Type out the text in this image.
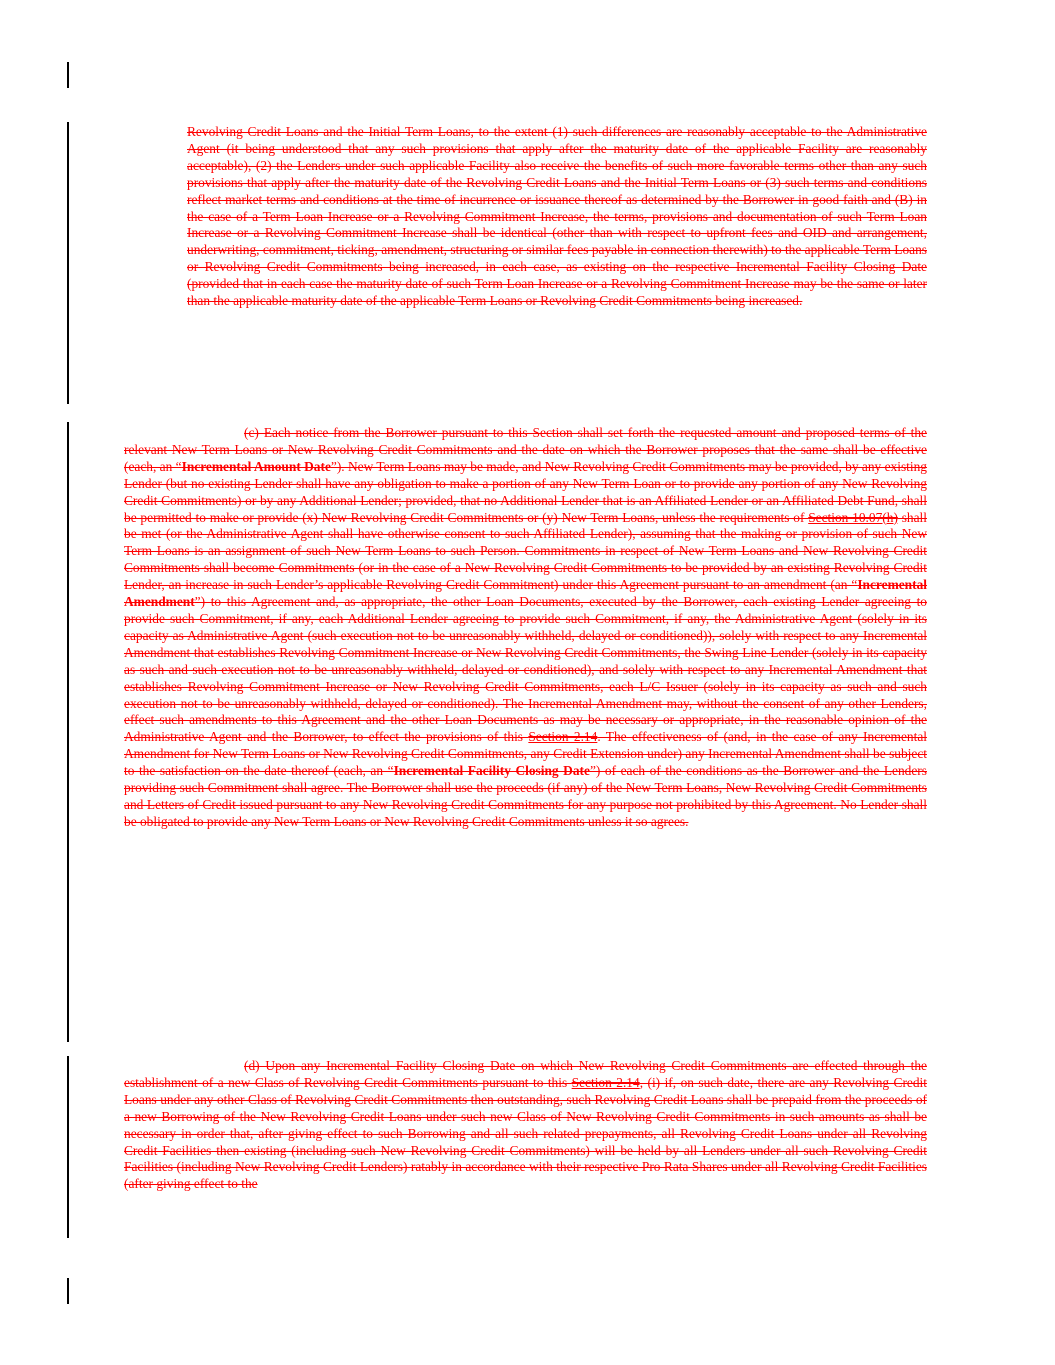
Revolving Credit Loans and the Initial Term Loans, to the extent (1) such differences are reasonably acceptable to the Administrative Agent (it being understood that any such provisions that apply after the maturity date of the applicable Facility are reasonably acceptable), (2) the Lenders under such applicable Facility also receive the benefits of such more favorable terms other than any such provisions that apply after the maturity date of the Revolving Credit Loans and the Initial Term Loans or (3) such terms and conditions reflect market terms and conditions at the time of incurrence or issuance thereof as determined by the Borrower in good faith and (B) in the case of a Term Loan Increase or a Revolving Commitment Increase, the terms, provisions and documentation of such Term Loan Increase or a Revolving Commitment Increase shall be identical (other than with respect to upfront fees and OID and arrangement, underwriting, commitment, ticking, amendment, structuring or similar fees payable in connection therewith) to the applicable Term Loans or Revolving Credit Commitments being increased, in each case, as existing on the respective Incremental Facility Closing Date (provided that in each case the maturity date of such Term Loan Increase or a Revolving Commitment Increase may be the same or later than the applicable maturity date of the applicable Term Loans or Revolving Credit Commitments being increased.

(c) Each notice from the Borrower pursuant to this Section shall set forth the requested amount and proposed terms of the relevant New Term Loans or New Revolving Credit Commitments and the date on which the Borrower proposes that the same shall be effective (each, an “Incremental Amount Date”). New Term Loans may be made, and New Revolving Credit Commitments may be provided, by any existing Lender (but no existing Lender shall have any obligation to make a portion of any New Term Loan or to provide any portion of any New Revolving Credit Commitments) or by any Additional Lender; provided, that no Additional Lender that is an Affiliated Lender or an Affiliated Debt Fund, shall be permitted to make or provide (x) New Revolving Credit Commitments or (y) New Term Loans, unless the requirements of Section 10.07(h) shall be met (or the Administrative Agent shall have otherwise consent to such Affiliated Lender), assuming that the making or provision of such New Term Loans is an assignment of such New Term Loans to such Person. Commitments in respect of New Term Loans and New Revolving Credit Commitments shall become Commitments (or in the case of a New Revolving Credit Commitments to be provided by an existing Revolving Credit Lender, an increase in such Lender’s applicable Revolving Credit Commitment) under this Agreement pursuant to an amendment (an “Incremental Amendment”) to this Agreement and, as appropriate, the other Loan Documents, executed by the Borrower, each existing Lender agreeing to provide such Commitment, if any, each Additional Lender agreeing to provide such Commitment, if any, the Administrative Agent (solely in its capacity as Administrative Agent (such execution not to be unreasonably withheld, delayed or conditioned)), solely with respect to any Incremental Amendment that establishes Revolving Commitment Increase or New Revolving Credit Commitments, the Swing Line Lender (solely in its capacity as such and such execution not to be unreasonably withheld, delayed or conditioned), and solely with respect to any Incremental Amendment that establishes Revolving Commitment Increase or New Revolving Credit Commitments, each L/C Issuer (solely in its capacity as such and such execution not to be unreasonably withheld, delayed or conditioned). The Incremental Amendment may, without the consent of any other Lenders, effect such amendments to this Agreement and the other Loan Documents as may be necessary or appropriate, in the reasonable opinion of the Administrative Agent and the Borrower, to effect the provisions of this Section 2.14. The effectiveness of (and, in the case of any Incremental Amendment for New Term Loans or New Revolving Credit Commitments, any Credit Extension under) any Incremental Amendment shall be subject to the satisfaction on the date thereof (each, an “Incremental Facility Closing Date”) of each of the conditions as the Borrower and the Lenders providing such Commitment shall agree. The Borrower shall use the proceeds (if any) of the New Term Loans, New Revolving Credit Commitments and Letters of Credit issued pursuant to any New Revolving Credit Commitments for any purpose not prohibited by this Agreement. No Lender shall be obligated to provide any New Term Loans or New Revolving Credit Commitments unless it so agrees.

(d) Upon any Incremental Facility Closing Date on which New Revolving Credit Commitments are effected through the establishment of a new Class of Revolving Credit Commitments pursuant to this Section 2.14, (i) if, on such date, there are any Revolving Credit Loans under any other Class of Revolving Credit Commitments then outstanding, such Revolving Credit Loans shall be prepaid from the proceeds of a new Borrowing of the New Revolving Credit Loans under such new Class of New Revolving Credit Commitments in such amounts as shall be necessary in order that, after giving effect to such Borrowing and all such related prepayments, all Revolving Credit Loans under all Revolving Credit Facilities then existing (including such New Revolving Credit Commitments) will be held by all Lenders under all such Revolving Credit Facilities (including New Revolving Credit Lenders) ratably in accordance with their respective Pro Rata Shares under all Revolving Credit Facilities (after giving effect to the
